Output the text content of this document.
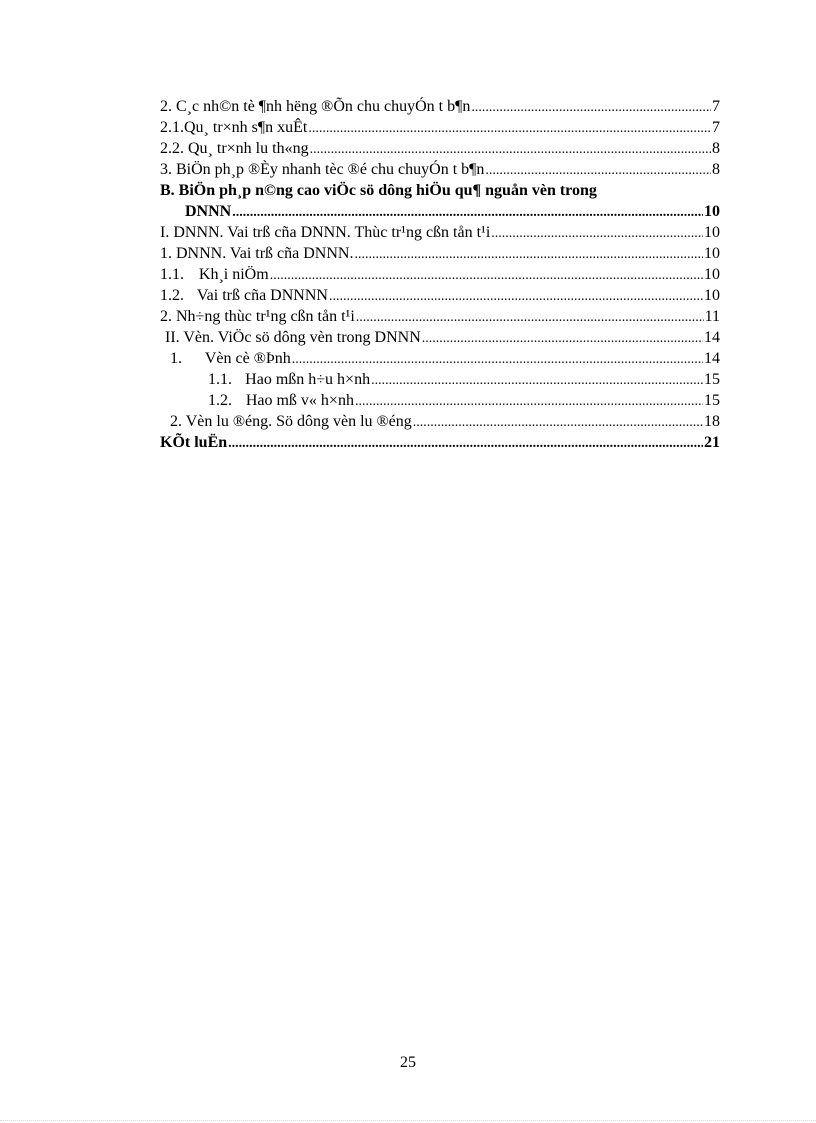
2. C¸c nh©n tè ¶nh hëng ®Õn chu chuyÓn t b¶n .....	7
2.1.Qu¸ tr×nh s¶n xuÊt .....	7
2.2. Qu¸ tr×nh lu th«ng .....	8
3. BiÖn ph¸p ®Èy nhanh tèc ®é chu chuyÓn t b¶n .....	8
B. BiÖn ph¸p n©ng cao viÖc sö dông hiÖu qu¶ nguån vèn trong
DNNN .....	10
I. DNNN. Vai trß cña DNNN. Thùc tr¹ng cßn tån t¹i .....	10
1. DNNN. Vai trß cña DNNN. .....	10
1.1. Kh¸i niÖm .....	10
1.2. Vai trß cña DNNNN .....	10
2. Nh÷ng thùc tr¹ng cßn tån t¹i .....	11
II. Vèn. ViÖc sö dông vèn trong DNNN .....	14
1. Vèn cè ®Þnh .....	14
1.1. Hao mßn h÷u h×nh .....	15
1.2. Hao mß v« h×nh .....	15
2. Vèn lu ®éng. Sö dông vèn lu ®éng .....	18
KÕt luËn .....	21
25
